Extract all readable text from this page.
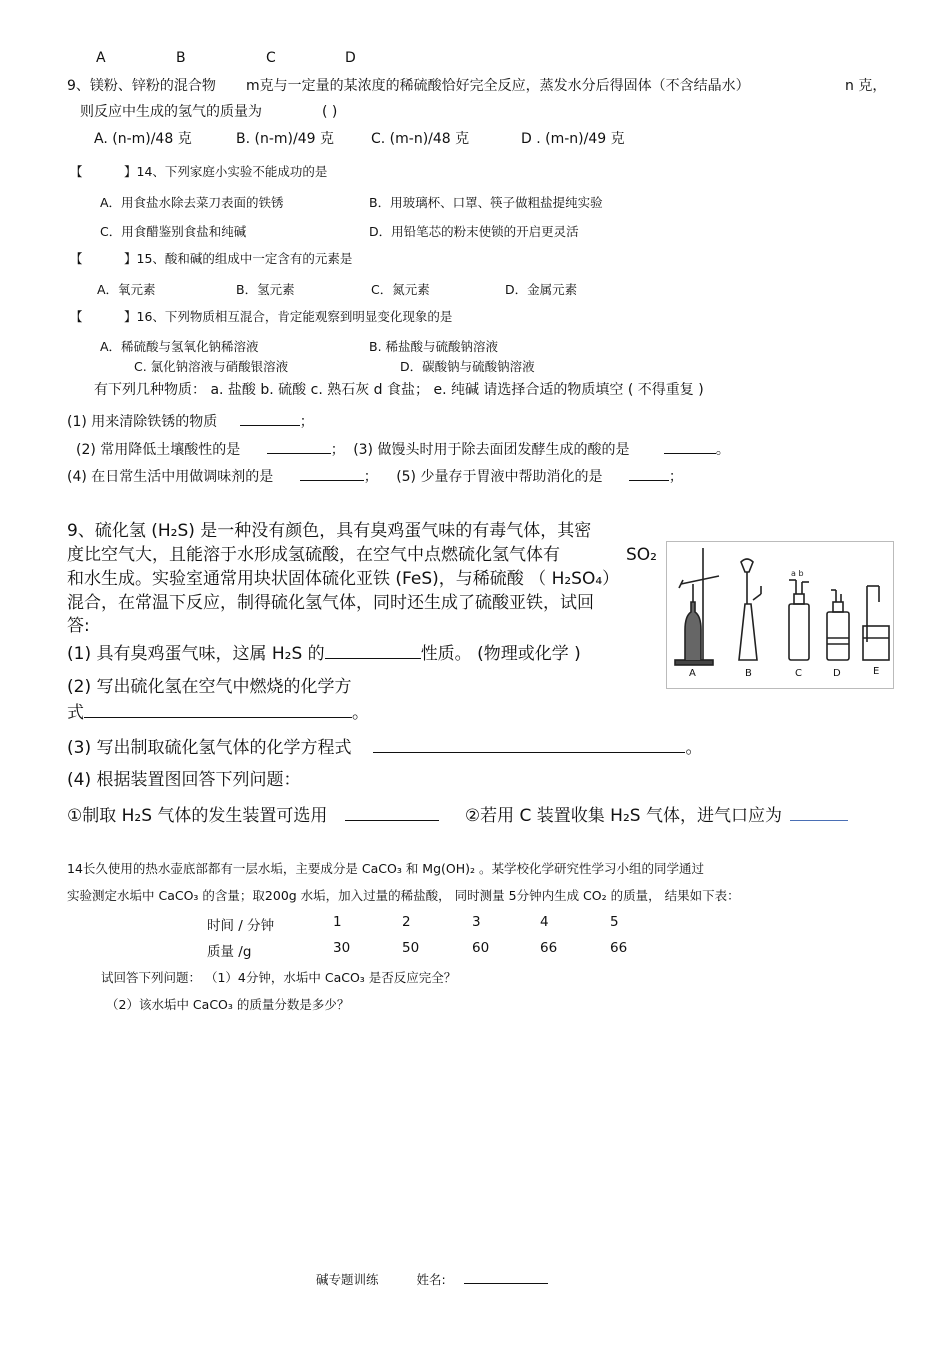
A	B	C	D
9、镁粉、锌粉的混合物 m克与一定量的某浓度的稀硫酸恰好完全反应，蒸发水分后得固体（不含结晶水）	n 克，
则反应中生成的氢气的质量为	( )
A. (n-m)/48 克	B. (n-m)/49 克	C. (m-n)/48 克	D . (m-n)/49 克
【	】14、下列家庭小实验不能成功的是
A．用食盐水除去菜刀表面的铁锈	B．用玻璃杯、口罩、筷子做粗盐提纯实验
C．用食醋鉴别食盐和纯碱	D．用铅笔芯的粉末使锁的开启更灵活
【	】15、酸和碱的组成中一定含有的元素是
A．氧元素	B．氢元素	C．氮元素	D．金属元素
【	】16、下列物质相互混合，肯定能观察到明显变化现象的是
A．稀硫酸与氢氧化钠稀溶液	B. 稀盐酸与硫酸钠溶液
C. 氯化钠溶液与硝酸银溶液	D．碳酸钠与硫酸钠溶液
有下列几种物质： a. 盐酸 b. 硫酸 c. 熟石灰 d 食盐； e. 纯碱 请选择合适的物质填空 ( 不得重复 )
(1) 用来清除铁锈的物质	；
(2) 常用降低土壤酸性的是	； (3) 做馒头时用于除去面团发酵生成的酸的是	。
(4) 在日常生活中用做调味剂的是	； (5) 少量存于胃液中帮助消化的是	；
9、硫化氢 (H₂S) 是一种没有颜色，具有臭鸡蛋气味的有毒气体，其密
度比空气大，且能溶于水形成氢硫酸，在空气中点燃硫化氢气体有	SO₂
和水生成。实验室通常用块状固体硫化亚铁 (FeS)，与稀硫酸 （ H₂SO₄）
混合，在常温下反应，制得硫化氢气体，同时还生成了硫酸亚铁，试回
答:
(1) 具有臭鸡蛋气味，这属 H₂S 的	性质。 (物理或化学 )
(2) 写出硫化氢在空气中燃烧的化学方
式	。
(3) 写出制取硫化氢气体的化学方程式	。
(4) 根据装置图回答下列问题：
①制取 H₂S 气体的发生装置可选用	②若用 C 装置收集 H₂S 气体，进气口应为
a b
A	B	C	D	E
14长久使用的热水壶底部都有一层水垢，主要成分是 CaCO₃ 和 Mg(OH)₂ 。某学校化学研究性学习小组的同学通过
实验测定水垢中 CaCO₃ 的含量；取200g 水垢，加入过量的稀盐酸， 同时测量 5分钟内生成 CO₂ 的质量， 结果如下表：
时间 / 分钟	1	2	3	4	5
质量 /g	30	50	60	66	66
试回答下列问题： （1）4分钟，水垢中 CaCO₃ 是否反应完全？
（2）该水垢中 CaCO₃ 的质量分数是多少？
碱专题训练	姓名:
